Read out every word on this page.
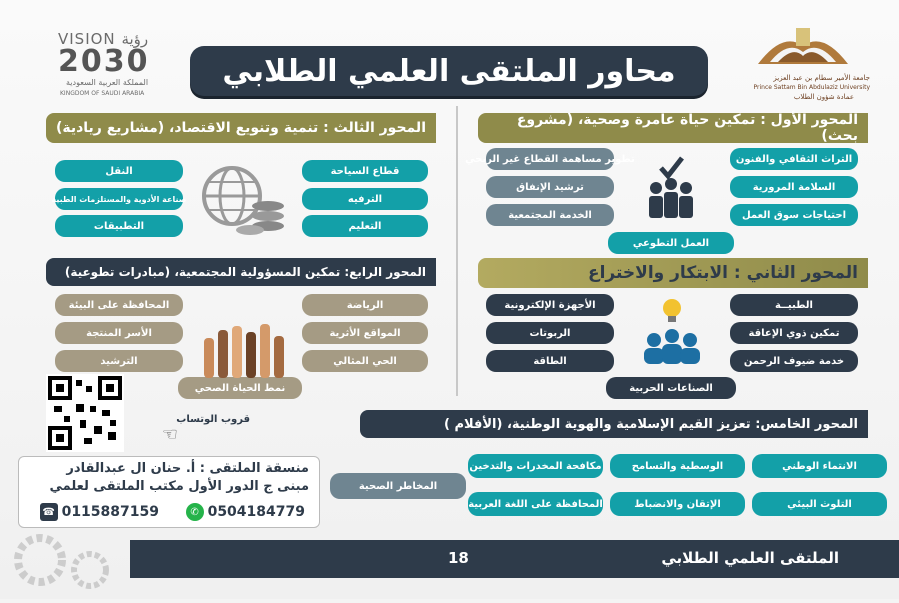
محاور الملتقى العلمي الطلابي
VISION رؤية
2030
المملكة العربية السعودية
KINGDOM OF SAUDI ARABIA
جامعة الأمير سطام بن عبد العزيز
Prince Sattam Bin Abdulaziz University
عمادة شؤون الطلاب
المحور الأول : تمكين حياة عامرة وصحية، (مشروع بحث)
التراث الثقافي والفنون
السلامة المرورية
احتياجات سوق العمل
تطوير مساهمة القطاع غير الربحي
ترشيد الإنفاق
الخدمة المجتمعية
العمل التطوعي
المحور الثاني : الابتكار والاختراع
الطبيــة
تمكين ذوي الإعاقة
خدمة ضيوف الرحمن
الأجهزة الإلكترونية
الربوتات
الطاقة
الصناعات الحربية
المحور الثالث : تنمية وتنويع الاقتصاد، (مشاريع ريادية)
قطاع السياحة
الترفيه
التعليم
النقل
صناعة الأدوية والمستلزمات الطبية
التطبيقات
المحور الرابع: تمكين المسؤولية المجتمعية، (مبادرات تطوعية)
الرياضة
المواقع الأثرية
الحي المثالي
المحافظة على البيئة
الأسر المنتجة
الترشيد
نمط الحياة الصحي
المحور الخامس: تعزيز القيم الإسلامية والهوية الوطنية، (الأفلام )
الانتماء الوطني
الوسطية والتسامح
مكافحة المخدرات والتدخين
التلوث البيئي
الإتقان والانضباط
المحافظة على اللغة العربية
المخاطر الصحية
☜
قروب الوتساب
منسقة الملتقى : أ. حنان ال عبدالقادر
مبنى ج الدور الأول مكتب الملتقى لعلمي
✆ 0504184779
☎ 0115887159
الملتقى العلمي الطلابي
18
